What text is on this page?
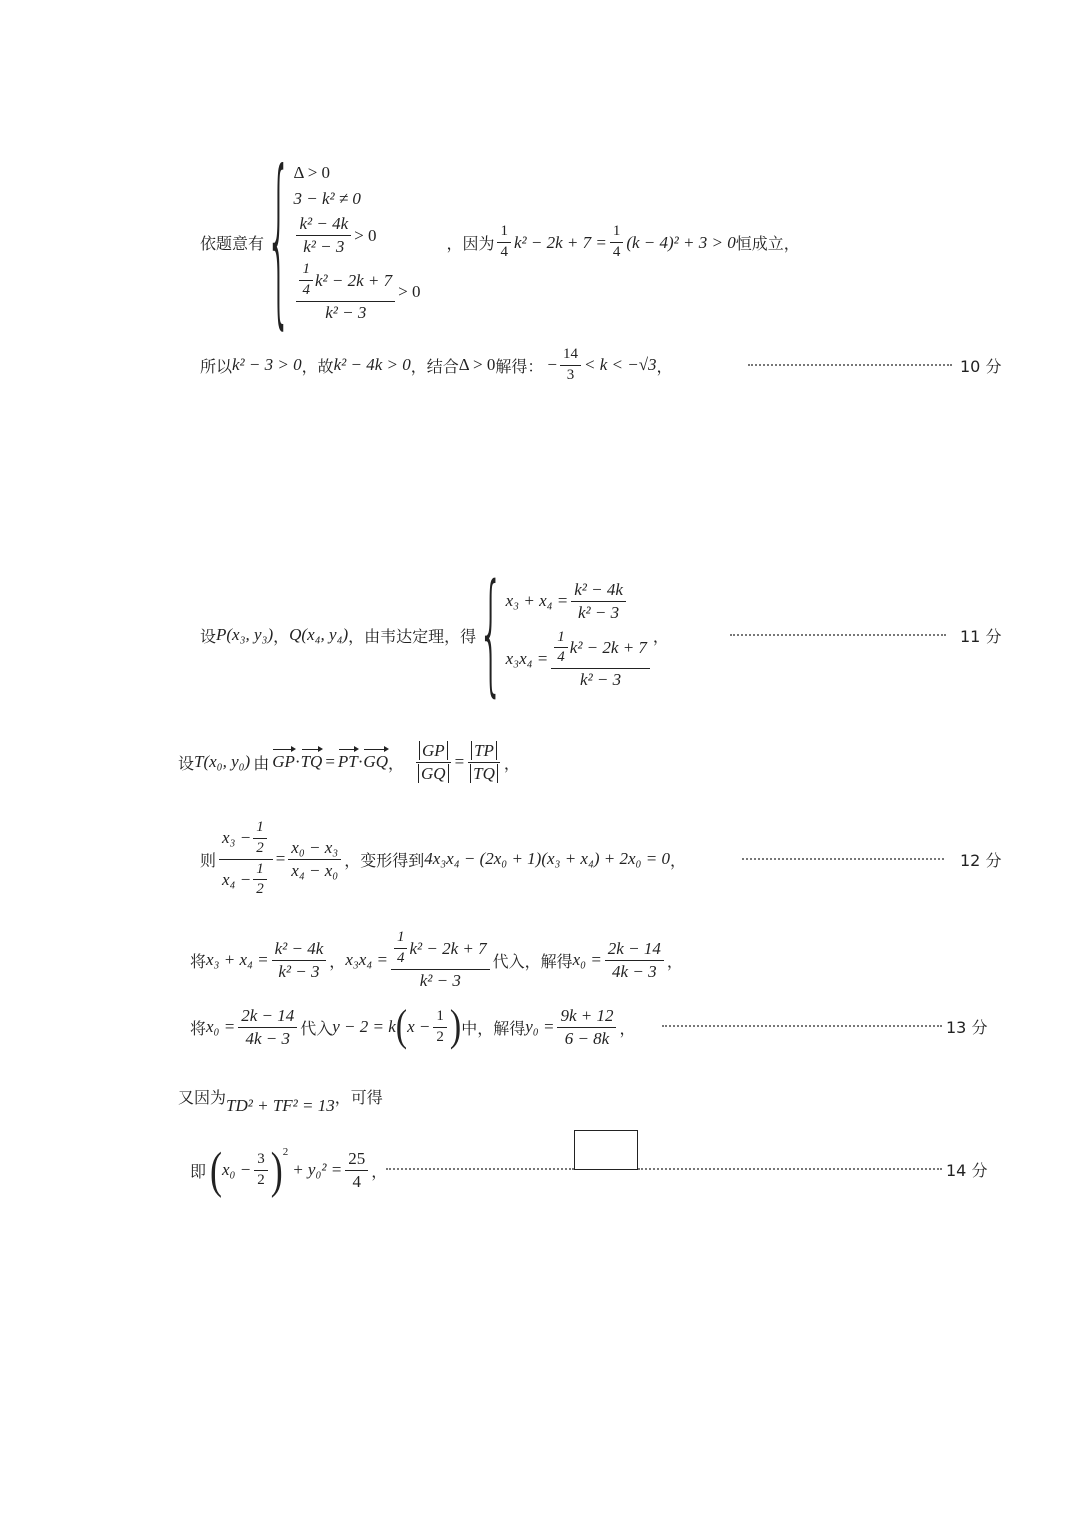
依题意有 { Δ > 0
3 − k² ≠ 0
$\frac{\text{k² − 4k}}{\text{k² − 3}} > 0$
$\frac{\frac{1}{4} k^2 - 2k + 7}{\text{k² − 3}} > 0$
，因为 $\frac{1}{4} k^2 - 2k + 7 = \frac{1}{4} (k - 4)^2 + 3 > 0$ 恒成立，
所以 k² − 3 > 0 ，故 k² − 4k > 0 ，结合 Δ > 0 解得： − $\frac{14}{3} < k < -√3$ ，	10 分
设 P(x₃, y₃) ， Q(x₄, y₄) ，由韦达定理，得 { $x_3 + x_4 = \frac{\text{k² − 4k}}{\text{k² − 3}}$
$x_3x_4 = \frac{\frac{1}{4} k^2 - 2k + 7}{\text{k² − 3}}$ ，	11 分
设 T(x₀, y₀) 由 GP · TQ = PT · GQ ， $\frac{GP}{GQ} = \frac{TP}{TQ}$ ，
则 $\frac{x_3 - \frac{1}{2}}{x_4 - \frac{1}{2}} = \frac{\text{x₀ − x₃}}{\text{x₄ − x₀}}$ ，变形得到 4x₃x₄ − (2x₀ + 1)(x₃ + x₄) + 2x₀ = 0 ，	12 分
将 $x_3 + x_4 = \frac{\text{k² − 4k}}{\text{k² − 3}}$ ， $x_3x_4 = \frac{\frac{1}{4} k^2 - 2k + 7}{\text{k² − 3}}$ 代入，解得 $x_0 = \frac{2k - 14}{4k - 3}$ ，
将 $x_0 = \frac{2k - 14}{4k - 3}$ 代入 y − 2 = k ( $x - \frac{1}{2}$ ) 中，解得 $y_0 = \frac{9k + 12}{6 - 8k}$ ，	13 分
又因为 TD² + TF² = 13 ，可得
即 ( $x_0 - \frac{3}{2}$ ) 2
+ $y_0^2 = \frac{25}{4}$ ，	14 分
